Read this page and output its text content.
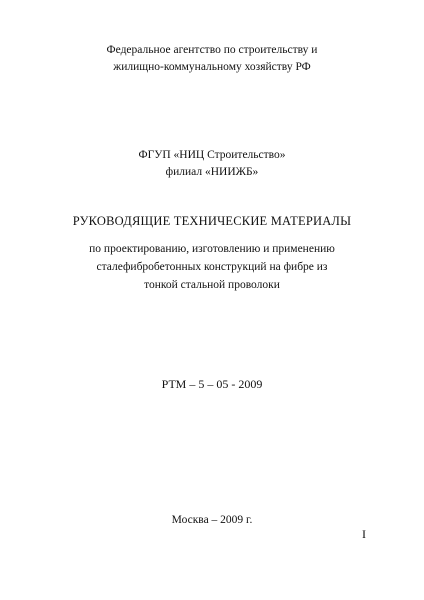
Федеральное агентство по строительству и
жилищно-коммунальному хозяйству РФ
ФГУП «НИЦ Строительство»
филиал «НИИЖБ»
РУКОВОДЯЩИЕ ТЕХНИЧЕСКИЕ МАТЕРИАЛЫ
по проектированию, изготовлению и применению
сталефибробетонных конструкций на фибре из
тонкой стальной проволоки
РТМ – 5 – 05 - 2009
Москва – 2009 г.
I
